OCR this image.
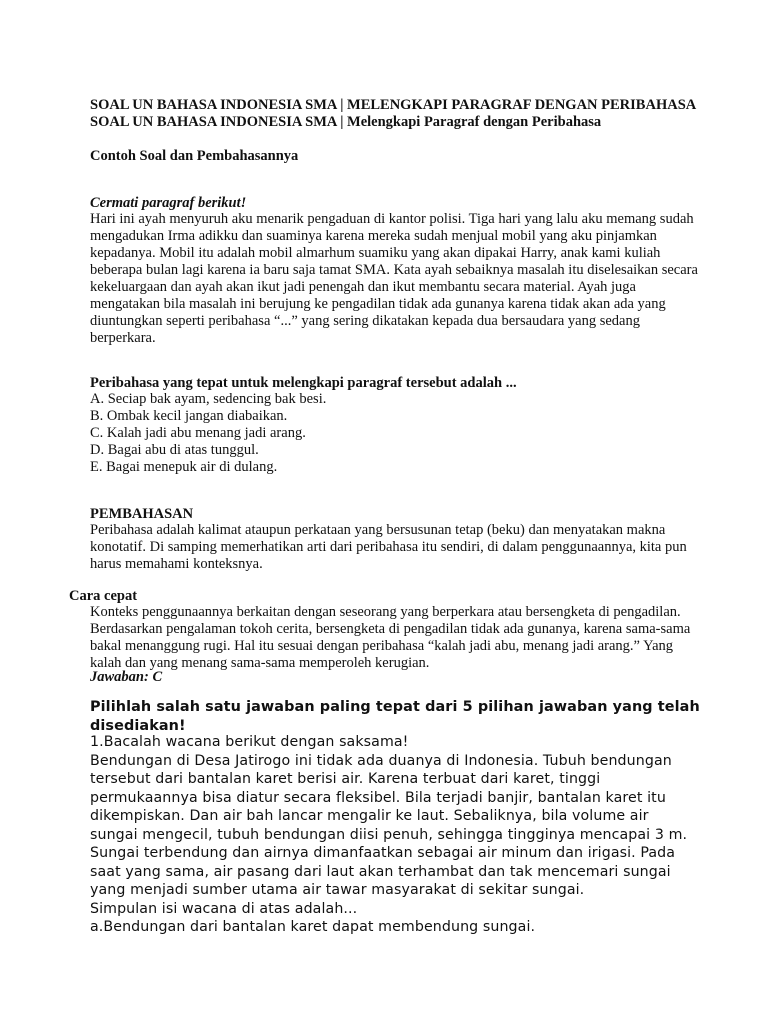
SOAL UN BAHASA INDONESIA SMA | MELENGKAPI PARAGRAF DENGAN PERIBAHASA
SOAL UN BAHASA INDONESIA SMA | Melengkapi Paragraf dengan Peribahasa
Contoh Soal dan Pembahasannya
Cermati paragraf berikut!
Hari ini ayah menyuruh aku menarik pengaduan di kantor polisi. Tiga hari yang lalu aku memang sudah
mengadukan Irma adikku dan suaminya karena mereka sudah menjual mobil yang aku pinjamkan
kepadanya. Mobil itu adalah mobil almarhum suamiku yang akan dipakai Harry, anak kami kuliah
beberapa bulan lagi karena ia baru saja tamat SMA. Kata ayah sebaiknya masalah itu diselesaikan secara
kekeluargaan dan ayah akan ikut jadi penengah dan ikut membantu secara material. Ayah juga
mengatakan bila masalah ini berujung ke pengadilan tidak ada gunanya karena tidak akan ada yang
diuntungkan seperti peribahasa “...” yang sering dikatakan kepada dua bersaudara yang sedang
berperkara.
Peribahasa yang tepat untuk melengkapi paragraf tersebut adalah ...
A. Seciap bak ayam, sedencing bak besi.
B. Ombak kecil jangan diabaikan.
C. Kalah jadi abu menang jadi arang.
D. Bagai abu di atas tunggul.
E. Bagai menepuk air di dulang.
PEMBAHASAN
Peribahasa adalah kalimat ataupun perkataan yang bersusunan tetap (beku) dan menyatakan makna
konotatif. Di samping memerhatikan arti dari peribahasa itu sendiri, di dalam penggunaannya, kita pun
harus memahami konteksnya.
Cara cepat
Konteks penggunaannya berkaitan dengan seseorang yang berperkara atau bersengketa di pengadilan.
Berdasarkan pengalaman tokoh cerita, bersengketa di pengadilan tidak ada gunanya, karena sama-sama
bakal menanggung rugi. Hal itu sesuai dengan peribahasa “kalah jadi abu, menang jadi arang.” Yang
kalah dan yang menang sama-sama memperoleh kerugian.
Jawaban: C
Pilihlah salah satu jawaban paling tepat dari 5 pilihan jawaban yang telah
disediakan!
1.Bacalah wacana berikut dengan saksama!
Bendungan di Desa Jatirogo ini tidak ada duanya di Indonesia. Tubuh bendungan
tersebut dari bantalan karet berisi air. Karena terbuat dari karet, tinggi
permukaannya bisa diatur secara fleksibel. Bila terjadi banjir, bantalan karet itu
dikempiskan. Dan air bah lancar mengalir ke laut. Sebaliknya, bila volume air
sungai mengecil, tubuh bendungan diisi penuh, sehingga tingginya mencapai 3 m.
Sungai terbendung dan airnya dimanfaatkan sebagai air minum dan irigasi. Pada
saat yang sama, air pasang dari laut akan terhambat dan tak mencemari sungai
yang menjadi sumber utama air tawar masyarakat di sekitar sungai.
Simpulan isi wacana di atas adalah...
a.Bendungan dari bantalan karet dapat membendung sungai.
